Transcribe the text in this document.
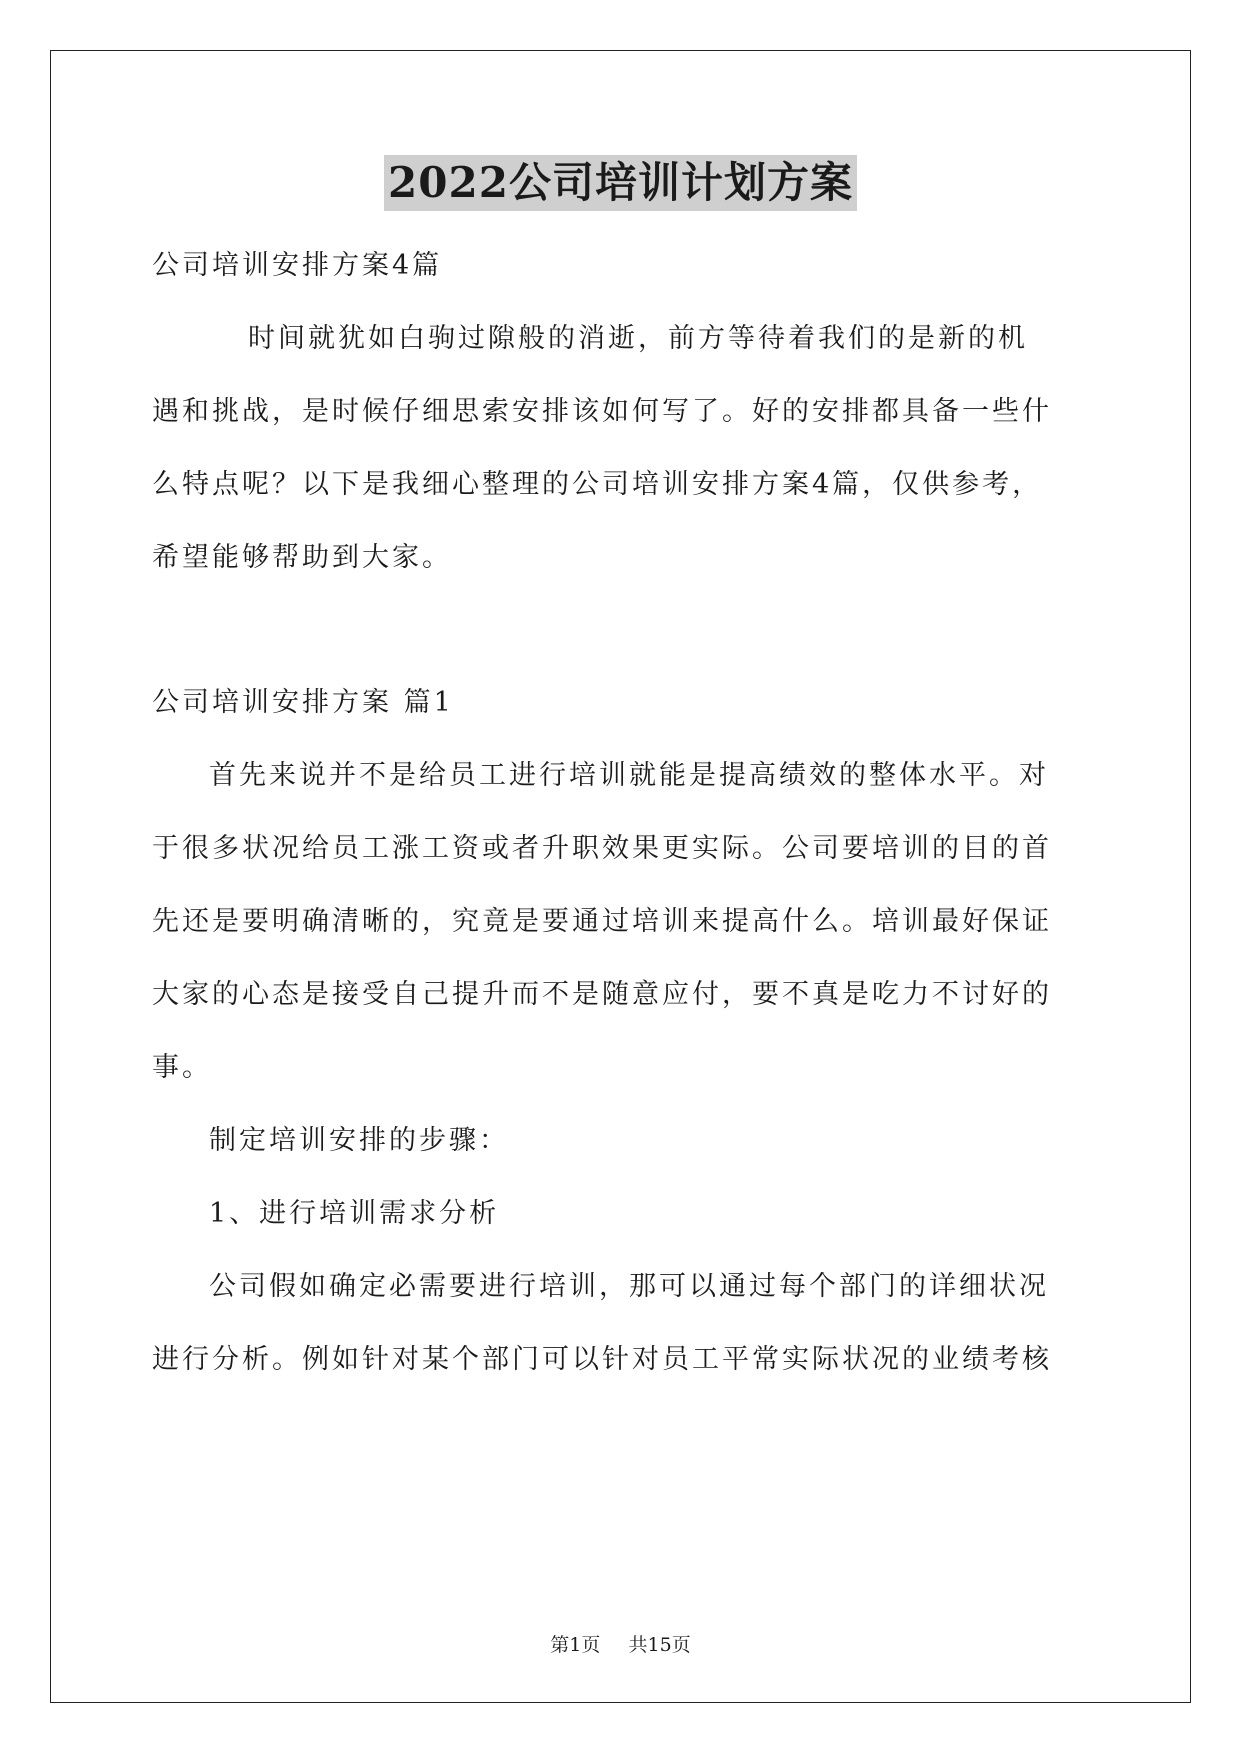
2022公司培训计划方案
公司培训安排方案4篇
时间就犹如白驹过隙般的消逝，前方等待着我们的是新的机
遇和挑战，是时候仔细思索安排该如何写了。好的安排都具备一些什
么特点呢？以下是我细心整理的公司培训安排方案4篇，仅供参考，
希望能够帮助到大家。
公司培训安排方案 篇1
首先来说并不是给员工进行培训就能是提高绩效的整体水平。对
于很多状况给员工涨工资或者升职效果更实际。公司要培训的目的首
先还是要明确清晰的，究竟是要通过培训来提高什么。培训最好保证
大家的心态是接受自己提升而不是随意应付，要不真是吃力不讨好的
事。
制定培训安排的步骤：
1、进行培训需求分析
公司假如确定必需要进行培训，那可以通过每个部门的详细状况
进行分析。例如针对某个部门可以针对员工平常实际状况的业绩考核
第1页 共15页
